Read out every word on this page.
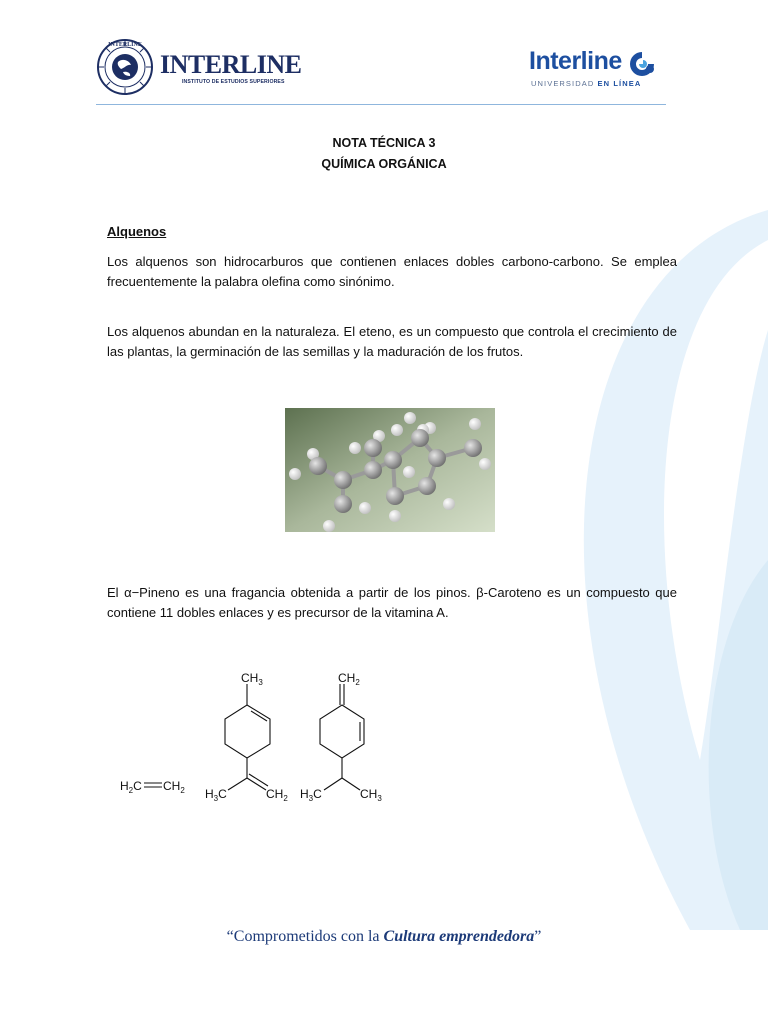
INTERLINE
INTERLINE
INSTITUTO DE ESTUDIOS SUPERIORES
Interline
UNIVERSIDAD EN LÍNEA
NOTA TÉCNICA 3
QUÍMICA ORGÁNICA
Alquenos
Los alquenos son hidrocarburos que contienen enlaces dobles carbono-carbono. Se emplea frecuentemente la palabra olefina como sinónimo.
Los alquenos abundan en la naturaleza. El eteno, es un compuesto que controla el crecimiento de las plantas, la germinación de las semillas y la maduración de los frutos.
El α−Pineno es una fragancia obtenida a partir de los pinos. β-Caroteno es un compuesto que contiene 11 dobles enlaces y es precursor de la vitamina A.
$H_2C$ $CH_2$
$CH_3$
$H_3C$	$CH_2$
$CH_2$
$H_3C$	$CH_3$
“Comprometidos con la Cultura emprendedora”
